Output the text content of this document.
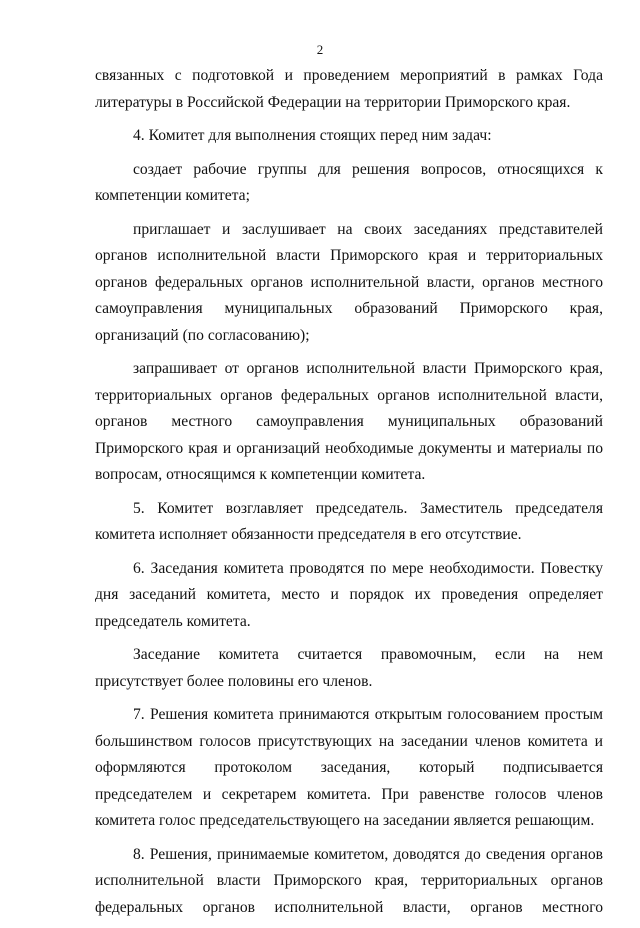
2

связанных с подготовкой и проведением мероприятий в рамках Года литературы в Российской Федерации на территории Приморского края.

4. Комитет для выполнения стоящих перед ним задач:

создает рабочие группы для решения вопросов, относящихся к компетенции комитета;

приглашает и заслушивает на своих заседаниях представителей органов исполнительной власти Приморского края и территориальных органов федеральных органов исполнительной власти, органов местного самоуправления муниципальных образований Приморского края, организаций (по согласованию);

запрашивает от органов исполнительной власти Приморского края, территориальных органов федеральных органов исполнительной власти, органов местного самоуправления муниципальных образований Приморского края и организаций необходимые документы и материалы по вопросам, относящимся к компетенции комитета.

5. Комитет возглавляет председатель. Заместитель председателя комитета исполняет обязанности председателя в его отсутствие.

6. Заседания комитета проводятся по мере необходимости. Повестку дня заседаний комитета, место и порядок их проведения определяет председатель комитета.

Заседание комитета считается правомочным, если на нем присутствует более половины его членов.

7. Решения комитета принимаются открытым голосованием простым большинством голосов присутствующих на заседании членов комитета и оформляются протоколом заседания, который подписывается председателем и секретарем комитета. При равенстве голосов членов комитета голос председательствующего на заседании является решающим.

8. Решения, принимаемые комитетом, доводятся до сведения органов исполнительной власти Приморского края, территориальных органов федеральных органов исполнительной власти, органов местного
